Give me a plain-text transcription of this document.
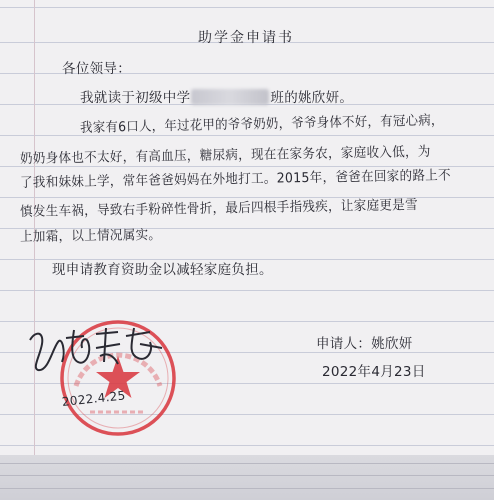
助学金申请书
各位领导：
我就读于初级中学	班的姚欣妍。
我家有6口人，年过花甲的爷爷奶奶，爷爷身体不好，有冠心病，
奶奶身体也不太好，有高血压，糖尿病，现在在家务农，家庭收入低，为
了我和妹妹上学，常年爸爸妈妈在外地打工。2015年，爸爸在回家的路上不
慎发生车祸，导致右手粉碎性骨折，最后四根手指残疾，让家庭更是雪
上加霜，以上情况属实。
现申请教育资助金以减轻家庭负担。
申请人：姚欣妍
2022年4月23日
2022.4.25
